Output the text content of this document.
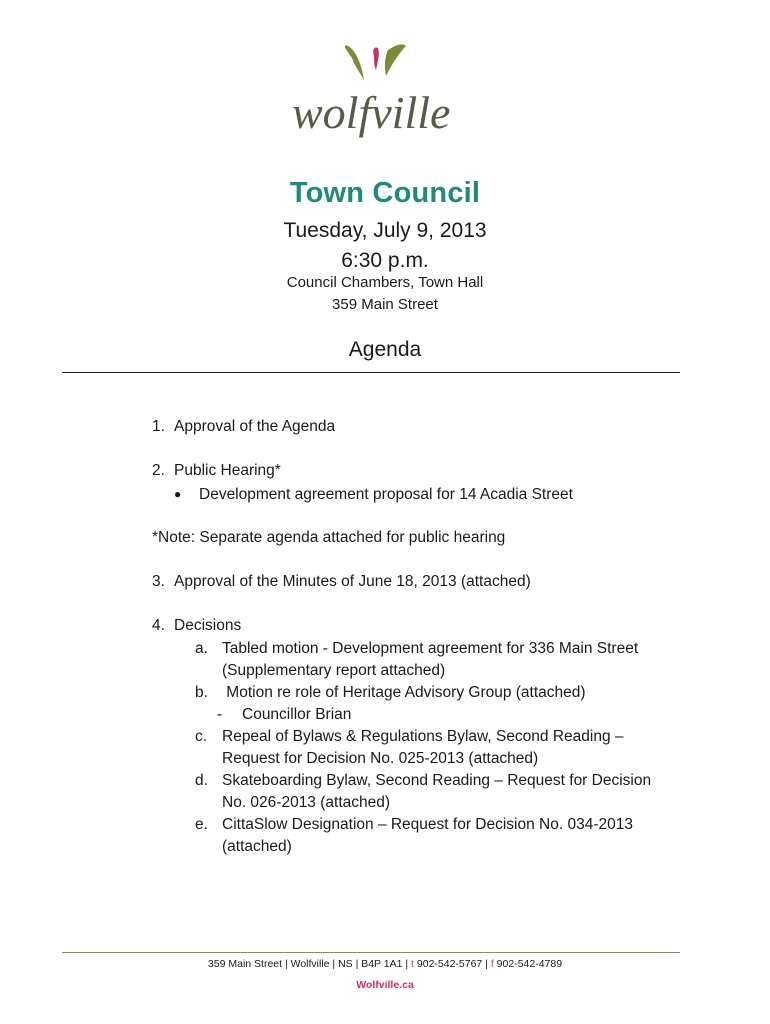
wolfville
Town Council
Tuesday, July 9, 2013
6:30 p.m.
Council Chambers, Town Hall
359 Main Street
Agenda
1. Approval of the Agenda
2. Public Hearing*
● Development agreement proposal for 14 Acadia Street
*Note: Separate agenda attached for public hearing
3. Approval of the Minutes of June 18, 2013 (attached)
4. Decisions
a. Tabled motion - Development agreement for 336 Main Street
(Supplementary report attached)
b. Motion re role of Heritage Advisory Group (attached)
- Councillor Brian
c. Repeal of Bylaws & Regulations Bylaw, Second Reading –
Request for Decision No. 025-2013 (attached)
d. Skateboarding Bylaw, Second Reading – Request for Decision
No. 026-2013 (attached)
e. CittaSlow Designation – Request for Decision No. 034-2013
(attached)
359 Main Street | Wolfville | NS | B4P 1A1 | t 902-542-5767 | f 902-542-4789
Wolfville.ca
